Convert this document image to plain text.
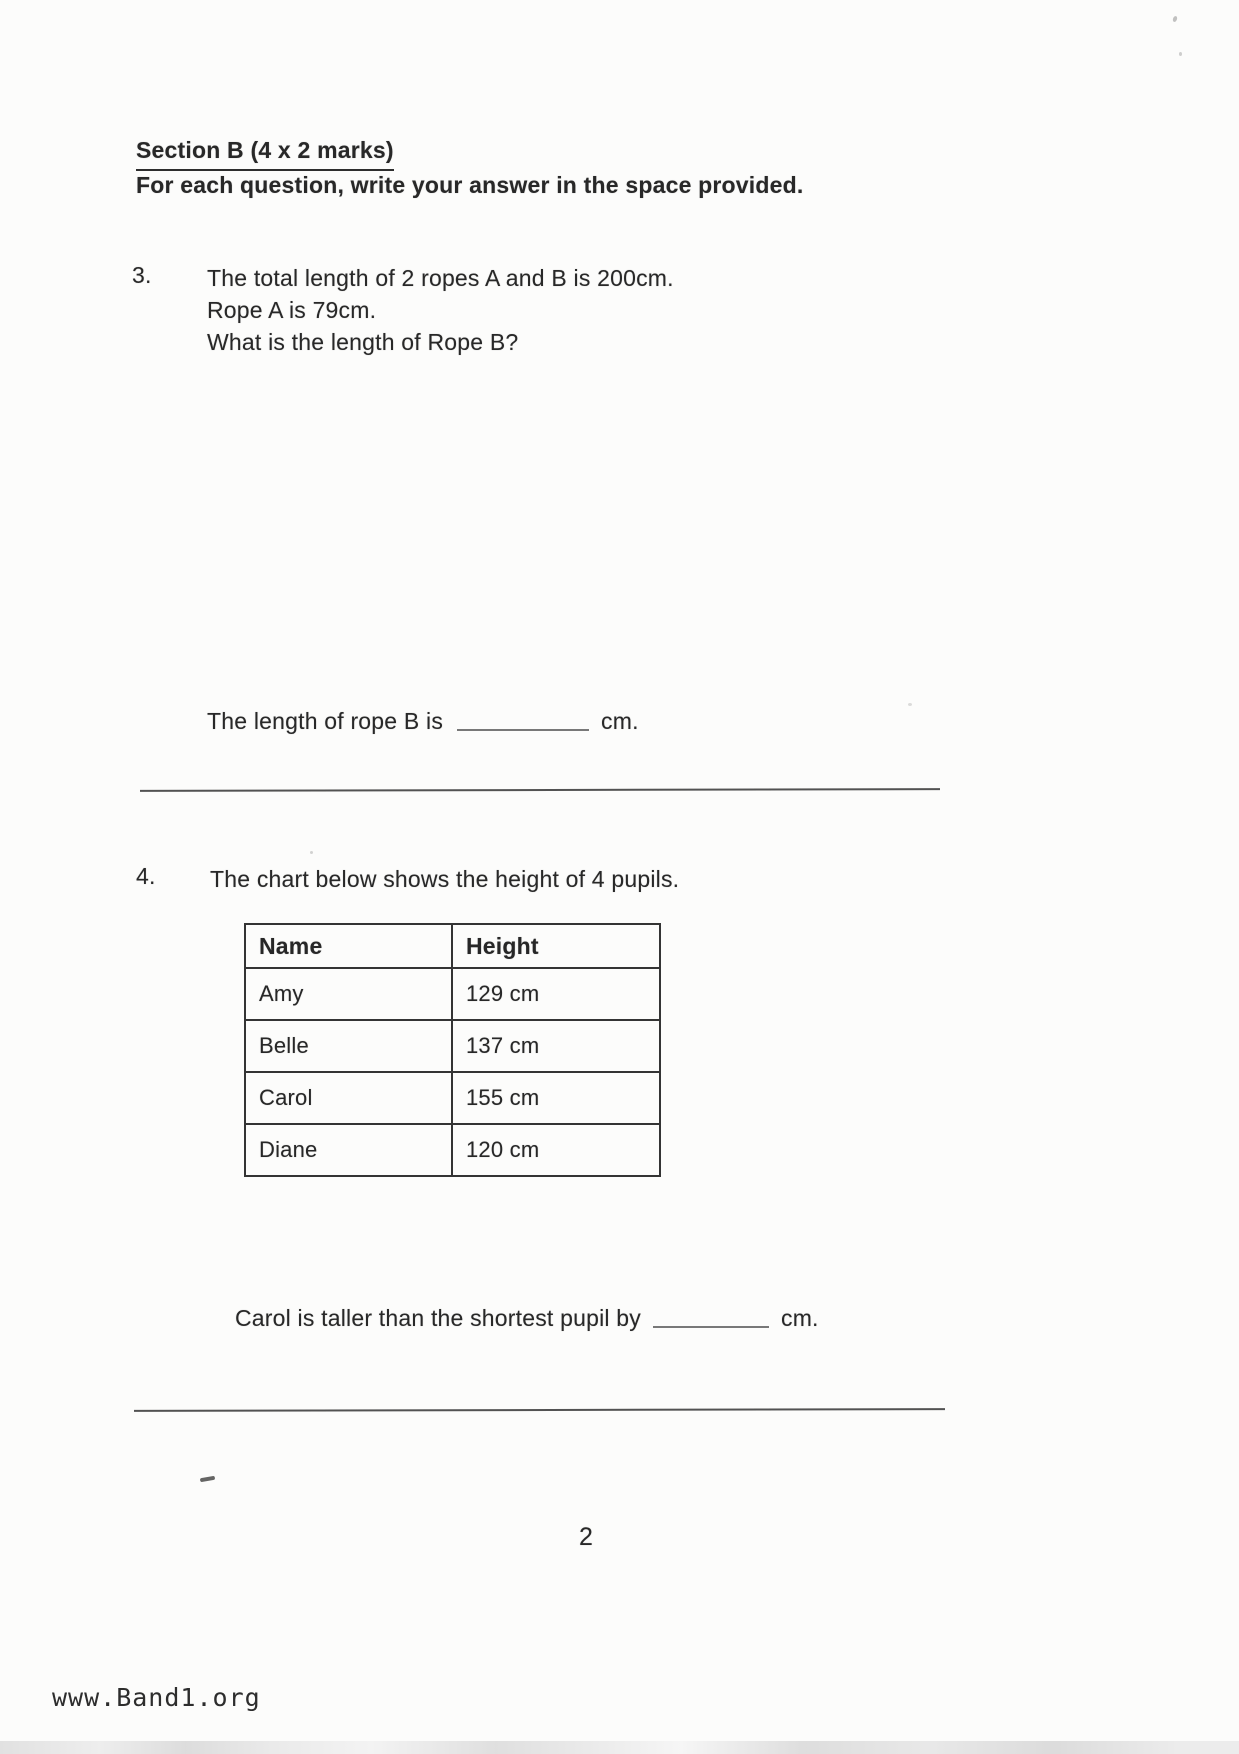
Section B (4 x 2 marks)
For each question, write your answer in the space provided.
3. The total length of 2 ropes A and B is 200cm.
Rope A is 79cm.
What is the length of Rope B?
The length of rope B is	cm.
4. The chart below shows the height of 4 pupils.
Name	Height
Amy	129 cm
Belle	137 cm
Carol	155 cm
Diane	120 cm
Carol is taller than the shortest pupil by	cm.
2
www.Band1.org
